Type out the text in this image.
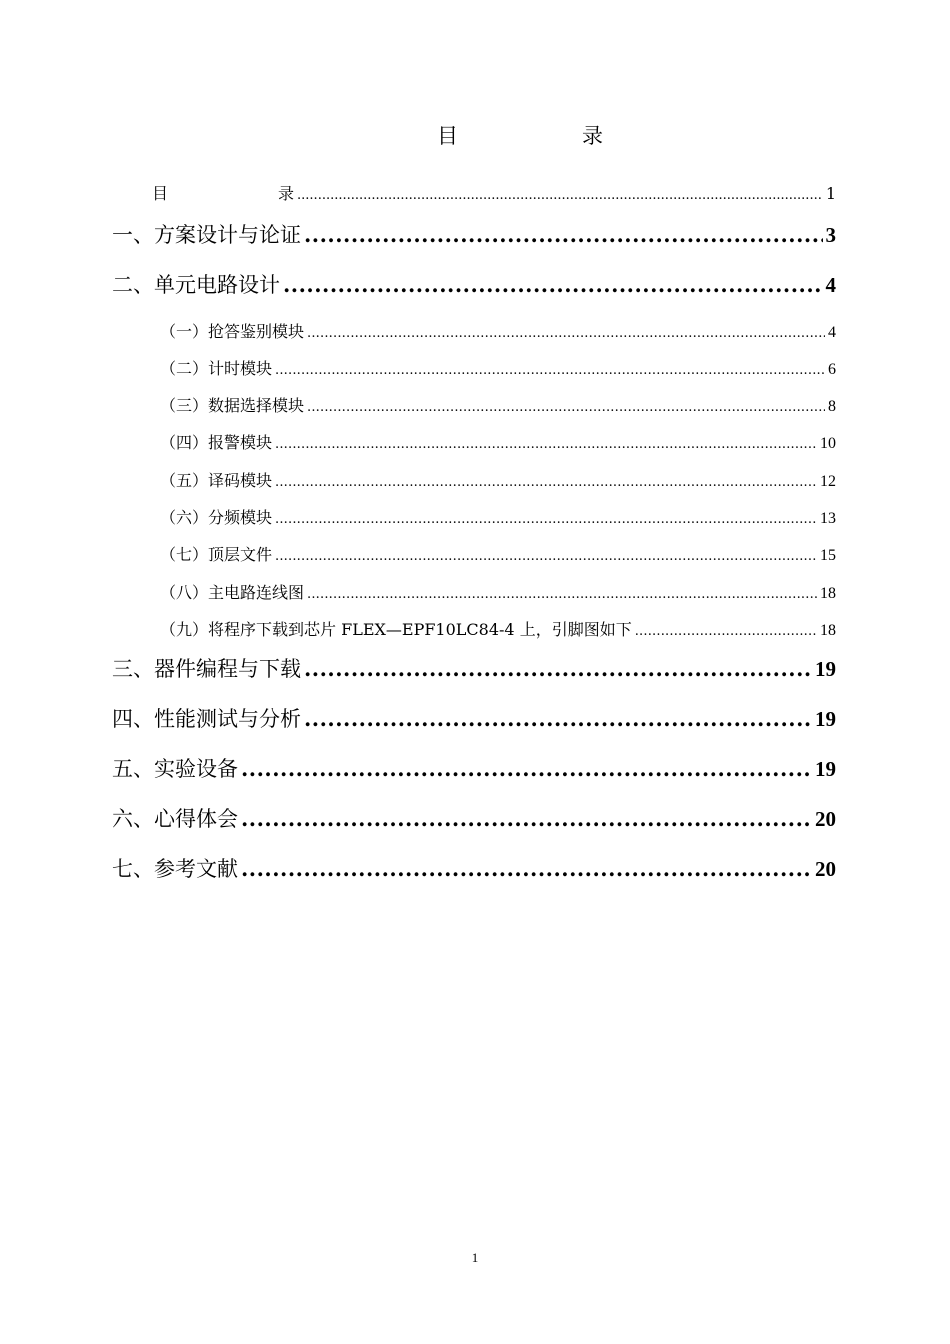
目	录
目	录 .....	1
一、方案设计与论证 .....	3
二、单元电路设计 .....	4
（一）抢答鉴别模块 .....	4
（二）计时模块 .....	6
（三）数据选择模块 .....	8
（四）报警模块 .....	10
（五）译码模块 .....	12
（六）分频模块 .....	13
（七）顶层文件 .....	15
（八）主电路连线图 .....	18
（九）将程序下载到芯片 FLEX—EPF10LC84-4 上，引脚图如下 .....	18
三、器件编程与下载 .....	19
四、性能测试与分析 .....	19
五、实验设备 .....	19
六、心得体会 .....	20
七、参考文献 .....	20
1
